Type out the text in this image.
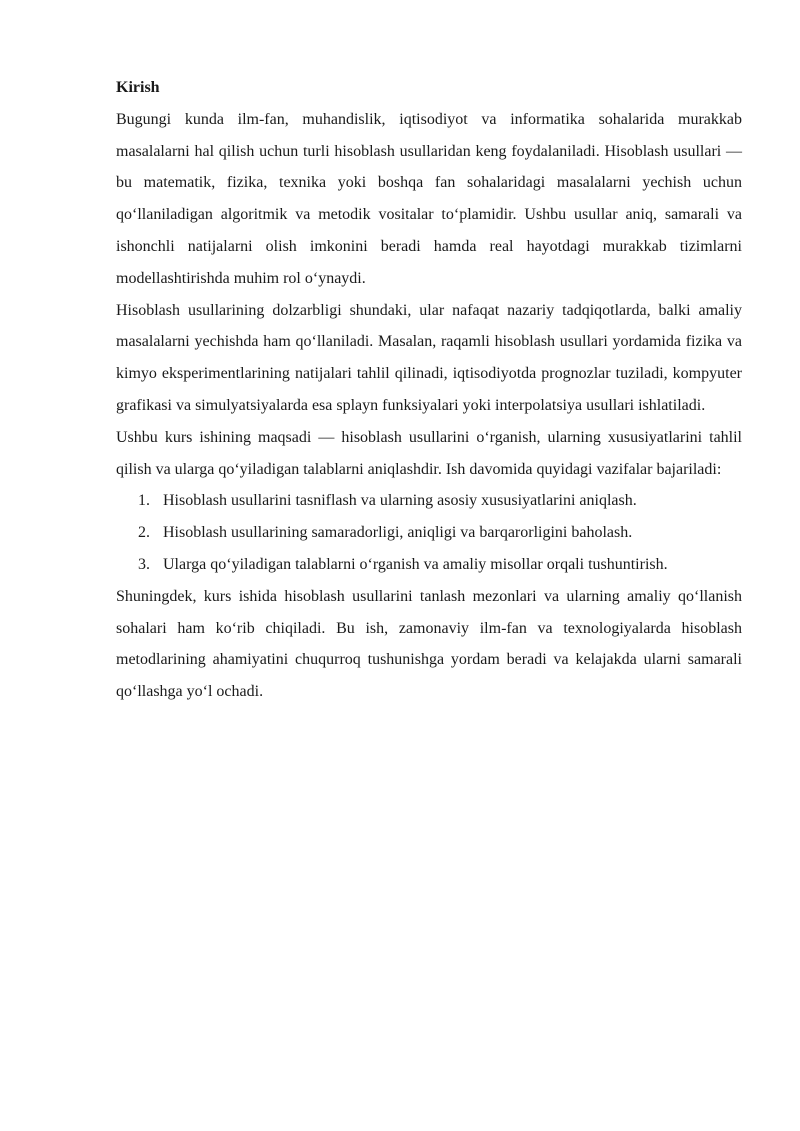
Kirish

Bugungi kunda ilm-fan, muhandislik, iqtisodiyot va informatika sohalarida murakkab masalalarni hal qilish uchun turli hisoblash usullaridan keng foydalaniladi. Hisoblash usullari — bu matematik, fizika, texnika yoki boshqa fan sohalaridagi masalalarni yechish uchun qo‘llaniladigan algoritmik va metodik vositalar to‘plamidir. Ushbu usullar aniq, samarali va ishonchli natijalarni olish imkonini beradi hamda real hayotdagi murakkab tizimlarni modellashtirishda muhim rol o‘ynaydi.

Hisoblash usullarining dolzarbligi shundaki, ular nafaqat nazariy tadqiqotlarda, balki amaliy masalalarni yechishda ham qo‘llaniladi. Masalan, raqamli hisoblash usullari yordamida fizika va kimyo eksperimentlarining natijalari tahlil qilinadi, iqtisodiyotda prognozlar tuziladi, kompyuter grafikasi va simulyatsiyalarda esa splayn funksiyalari yoki interpolatsiya usullari ishlatiladi.

Ushbu kurs ishining maqsadi — hisoblash usullarini o‘rganish, ularning xususiyatlarini tahlil qilish va ularga qo‘yiladigan talablarni aniqlashdir. Ish davomida quyidagi vazifalar bajariladi:

1. Hisoblash usullarini tasniflash va ularning asosiy xususiyatlarini aniqlash.
2. Hisoblash usullarining samaradorligi, aniqligi va barqarorligini baholash.
3. Ularga qo‘yiladigan talablarni o‘rganish va amaliy misollar orqali tushuntirish.

Shuningdek, kurs ishida hisoblash usullarini tanlash mezonlari va ularning amaliy qo‘llanish sohalari ham ko‘rib chiqiladi. Bu ish, zamonaviy ilm-fan va texnologiyalarda hisoblash metodlarining ahamiyatini chuqurroq tushunishga yordam beradi va kelajakda ularni samarali qo‘llashga yo‘l ochadi.
